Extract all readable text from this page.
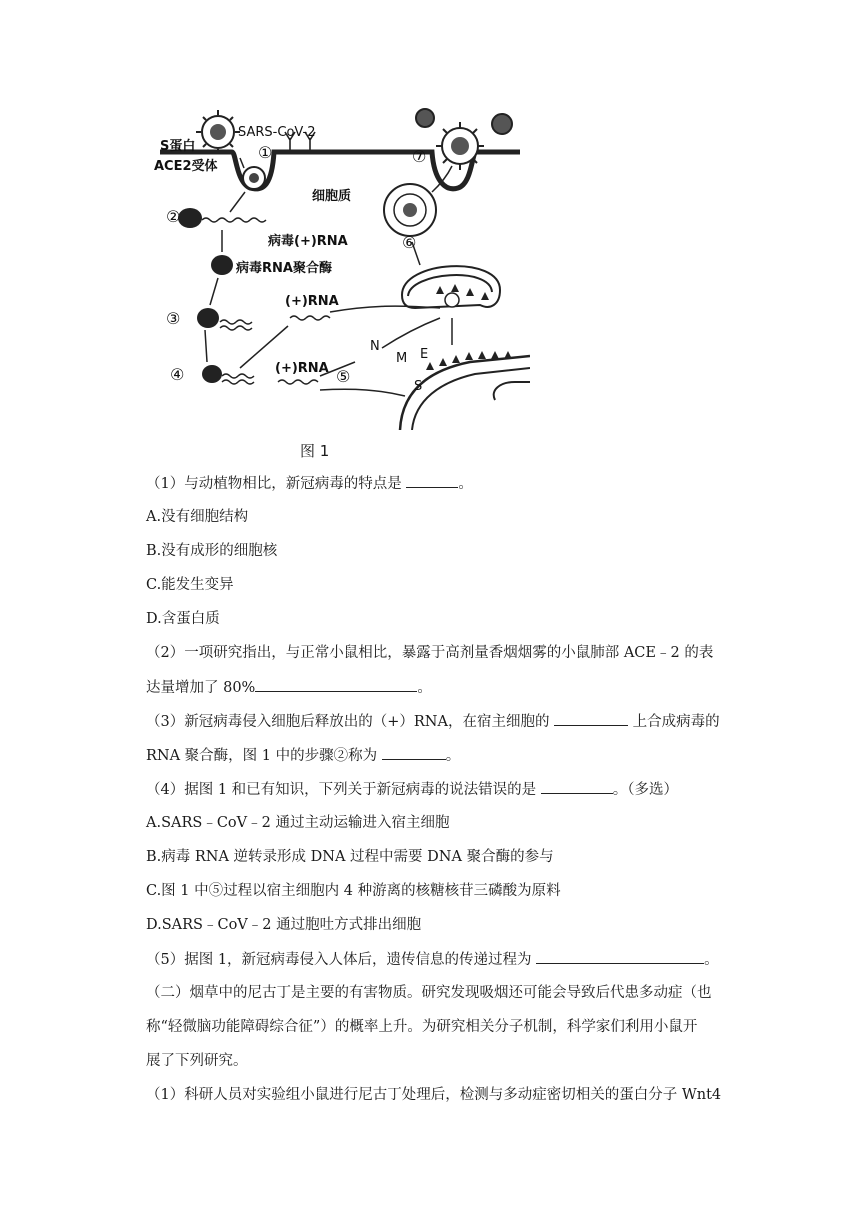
SARS-CoV-2
S蛋白
ACE2受体
细胞质
病毒(+)RNA
病毒RNA聚合酶
(+)RNA
(+)RNA
N
M E
S
①
②
③
④	⑤
⑥
⑦
图 1
（1）与动植物相比，新冠病毒的特点是	。
A.没有细胞结构
B.没有成形的细胞核
C.能发生变异
D.含蛋白质
（2）一项研究指出，与正常小鼠相比，暴露于高剂量香烟烟雾的小鼠肺部 ACE﹣2 的表
达量增加了 80%	。
（3）新冠病毒侵入细胞后释放出的（+）RNA，在宿主细胞的	上合成病毒的
RNA 聚合酶，图 1 中的步骤②称为	。
（4）据图 1 和已有知识，下列关于新冠病毒的说法错误的是	。（多选）
A.SARS﹣CoV﹣2 通过主动运输进入宿主细胞
B.病毒 RNA 逆转录形成 DNA 过程中需要 DNA 聚合酶的参与
C.图 1 中⑤过程以宿主细胞内 4 种游离的核糖核苷三磷酸为原料
D.SARS﹣CoV﹣2 通过胞吐方式排出细胞
（5）据图 1，新冠病毒侵入人体后，遗传信息的传递过程为	。
（二）烟草中的尼古丁是主要的有害物质。研究发现吸烟还可能会导致后代患多动症（也
称“轻微脑功能障碍综合征”）的概率上升。为研究相关分子机制，科学家们利用小鼠开
展了下列研究。
（1）科研人员对实验组小鼠进行尼古丁处理后，检测与多动症密切相关的蛋白分子 Wnt4
